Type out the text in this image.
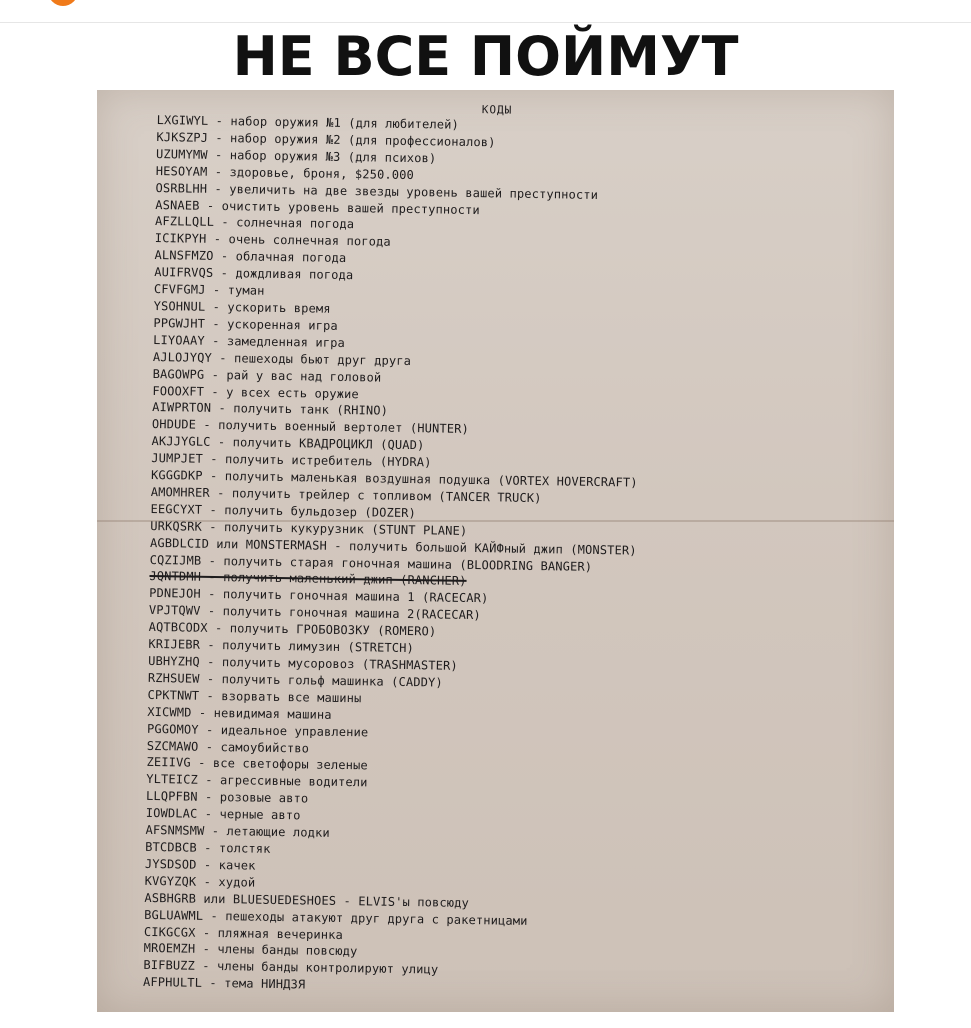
НЕ ВСЕ ПОЙМУТ
КОДЫ
LXGIWYL - набор оружия №1 (для любителей)
KJKSZPJ - набор оружия №2 (для профессионалов)
UZUMYMW - набор оружия №3 (для психов)
HESOYAM - здоровье, броня, $250.000
OSRBLHH - увеличить на две звезды уровень вашей преступности
ASNAEB - очистить уровень вашей преступности
AFZLLQLL - солнечная погода
ICIKPYH - очень солнечная погода
ALNSFMZO - облачная погода
AUIFRVQS - дождливая погода
CFVFGMJ - туман
YSOHNUL - ускорить время
PPGWJHT - ускоренная игра
LIYOAAY - замедленная игра
AJLOJYQY - пешеходы бьют друг друга
BAGOWPG - рай у вас над головой
FOOOXFT - у всех есть оружие
AIWPRTON - получить танк (RHINO)
OHDUDE - получить военный вертолет (HUNTER)
AKJJYGLC - получить КВАДРОЦИКЛ (QUAD)
JUMPJET - получить истребитель (HYDRA)
KGGGDKP - получить маленькая воздушная подушка (VORTEX HOVERCRAFT)
AMOMHRER - получить трейлер с топливом (TANCER TRUCK)
EEGCYXT - получить бульдозер (DOZER)
URKQSRK - получить кукурузник (STUNT PLANE)
AGBDLCID или MONSTERMASH - получить большой КАЙФный джип (MONSTER)
CQZIJMB - получить старая гоночная машина (BLOODRING BANGER)
JQNTDMH - получить маленький джип (RANCHER)
PDNEJOH - получить гоночная машина 1 (RACECAR)
VPJTQWV - получить гоночная машина 2(RACECAR)
AQTBCODX - получить ГРОБОВОЗКУ (ROMERO)
KRIJEBR - получить лимузин (STRETCH)
UBHYZHQ - получить мусоровоз (TRASHMASTER)
RZHSUEW - получить гольф машинка (CADDY)
CPKTNWT - взорвать все машины
XICWMD - невидимая машина
PGGOMOY - идеальное управление
SZCMAWO - самоубийство
ZEIIVG - все светофоры зеленые
YLTEICZ - агрессивные водители
LLQPFBN - розовые авто
IOWDLAC - черные авто
AFSNMSMW - летающие лодки
BTCDBCB - толстяк
JYSDSOD - качек
KVGYZQK - худой
ASBHGRB или BLUESUEDESHOES - ELVIS'ы повсюду
BGLUAWML - пешеходы атакуют друг друга с ракетницами
CIKGCGX - пляжная вечеринка
MROEMZH - члены банды повсюду
BIFBUZZ - члены банды контролируют улицу
AFPHULTL - тема НИНДЗЯ
